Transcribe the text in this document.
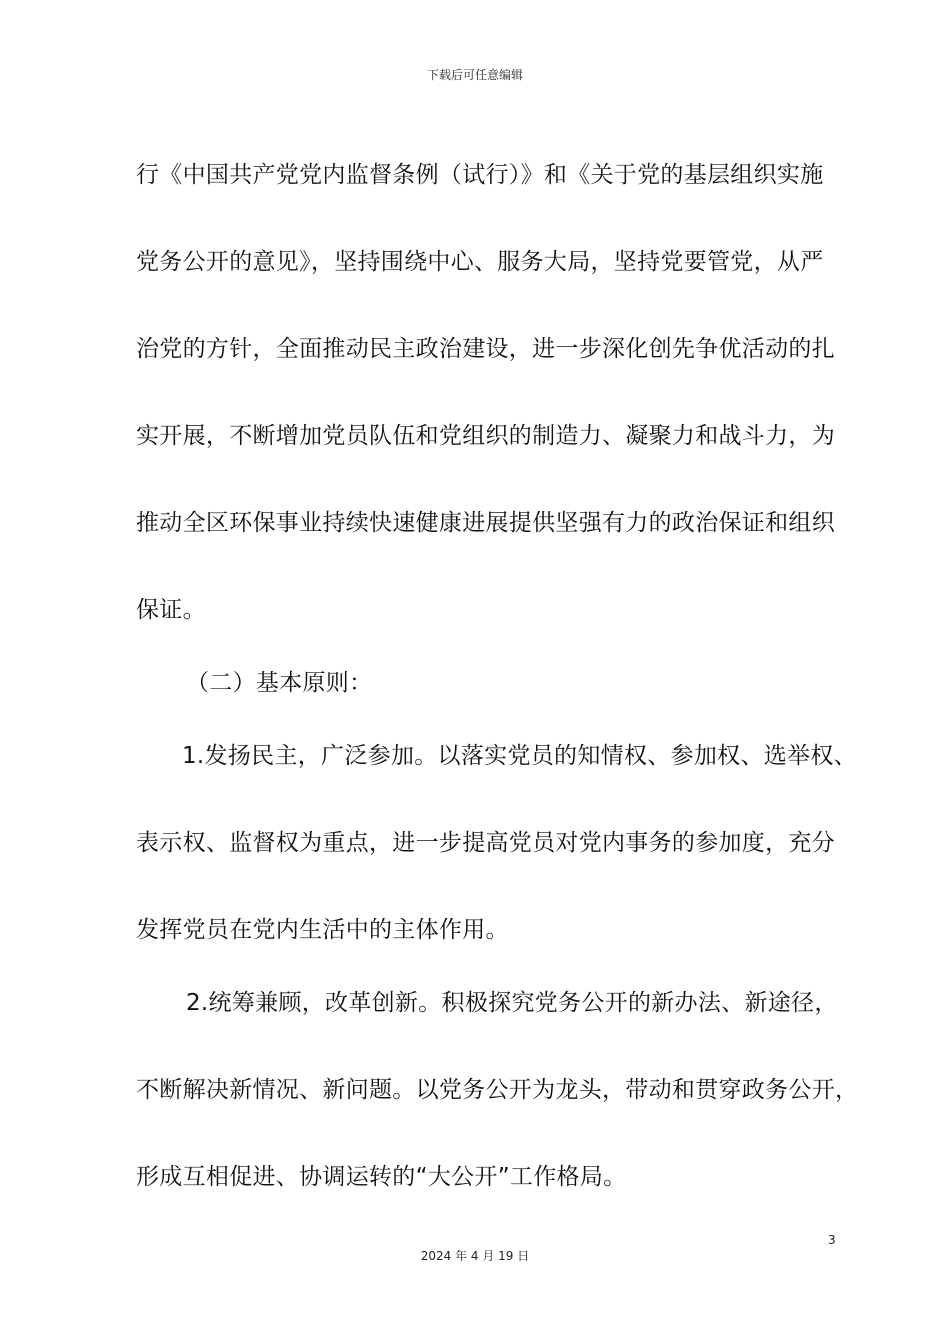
下载后可任意编辑
行《中国共产党党内监督条例（试行）》和《关于党的基层组织实施
党务公开的意见》，坚持围绕中心、服务大局，坚持党要管党，从严
治党的方针，全面推动民主政治建设，进一步深化创先争优活动的扎
实开展，不断增加党员队伍和党组织的制造力、凝聚力和战斗力，为
推动全区环保事业持续快速健康进展提供坚强有力的政治保证和组织
保证。
（二）基本原则：
1.发扬民主，广泛参加。以落实党员的知情权、参加权、选举权、
表示权、监督权为重点，进一步提高党员对党内事务的参加度，充分
发挥党员在党内生活中的主体作用。
2.统筹兼顾，改革创新。积极探究党务公开的新办法、新途径，
不断解决新情况、新问题。以党务公开为龙头，带动和贯穿政务公开，
形成互相促进、协调运转的“大公开”工作格局。
3
2024 年 4 月 19 日
